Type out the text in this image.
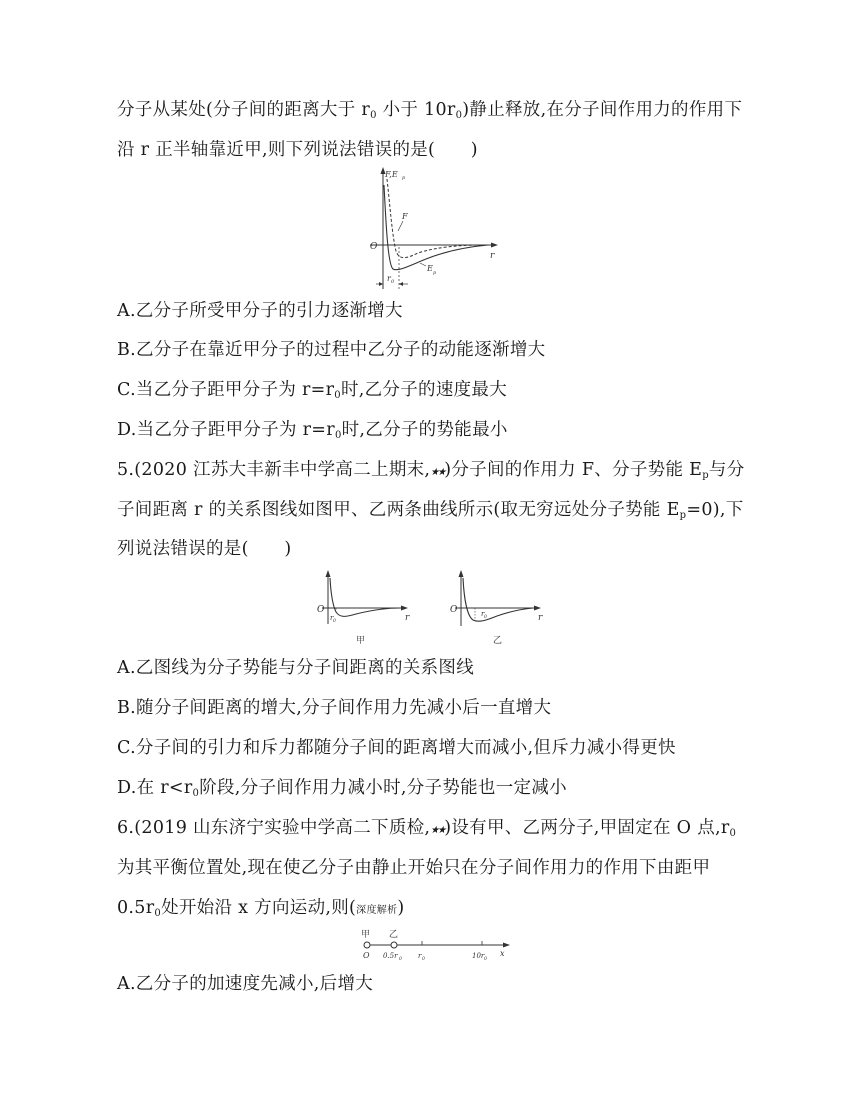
分子从某处(分子间的距离大于 $r_0$ 小于 $10r_0$)静止释放,在分子间作用力的作用下
沿 r 正半轴靠近甲,则下列说法错误的是(　　)
F,E p
O
r
F
E p
r 0
A.乙分子所受甲分子的引力逐渐增大
B.乙分子在靠近甲分子的过程中乙分子的动能逐渐增大
C.当乙分子距甲分子为 $r=r_0$时,乙分子的速度最大
D.当乙分子距甲分子为 $r=r_0$时,乙分子的势能最小
5.(2020 江苏大丰新丰中学高二上期末,★★)分子间的作用力 F、分子势能 $E_p$与分
子间距离 r 的关系图线如图甲、乙两条曲线所示(取无穷远处分子势能 $E_p=0$),下
列说法错误的是(　　)
O
r
r 0
甲
O
r
r 0
乙
A.乙图线为分子势能与分子间距离的关系图线
B.随分子间距离的增大,分子间作用力先减小后一直增大
C.分子间的引力和斥力都随分子间的距离增大而减小,但斥力减小得更快
D.在 $r<r_0$阶段,分子间作用力减小时,分子势能也一定减小
6.(2019 山东济宁实验中学高二下质检,★★)设有甲、乙两分子,甲固定在 O 点$,r_0$
为其平衡位置处,现在使乙分子由静止开始只在分子间作用力的作用下由距甲
$0.5r_0$处开始沿 x 方向运动,则(深度解析)
甲 乙
O 0.5r 0 r 0	10r 0
x
A.乙分子的加速度先减小,后增大
